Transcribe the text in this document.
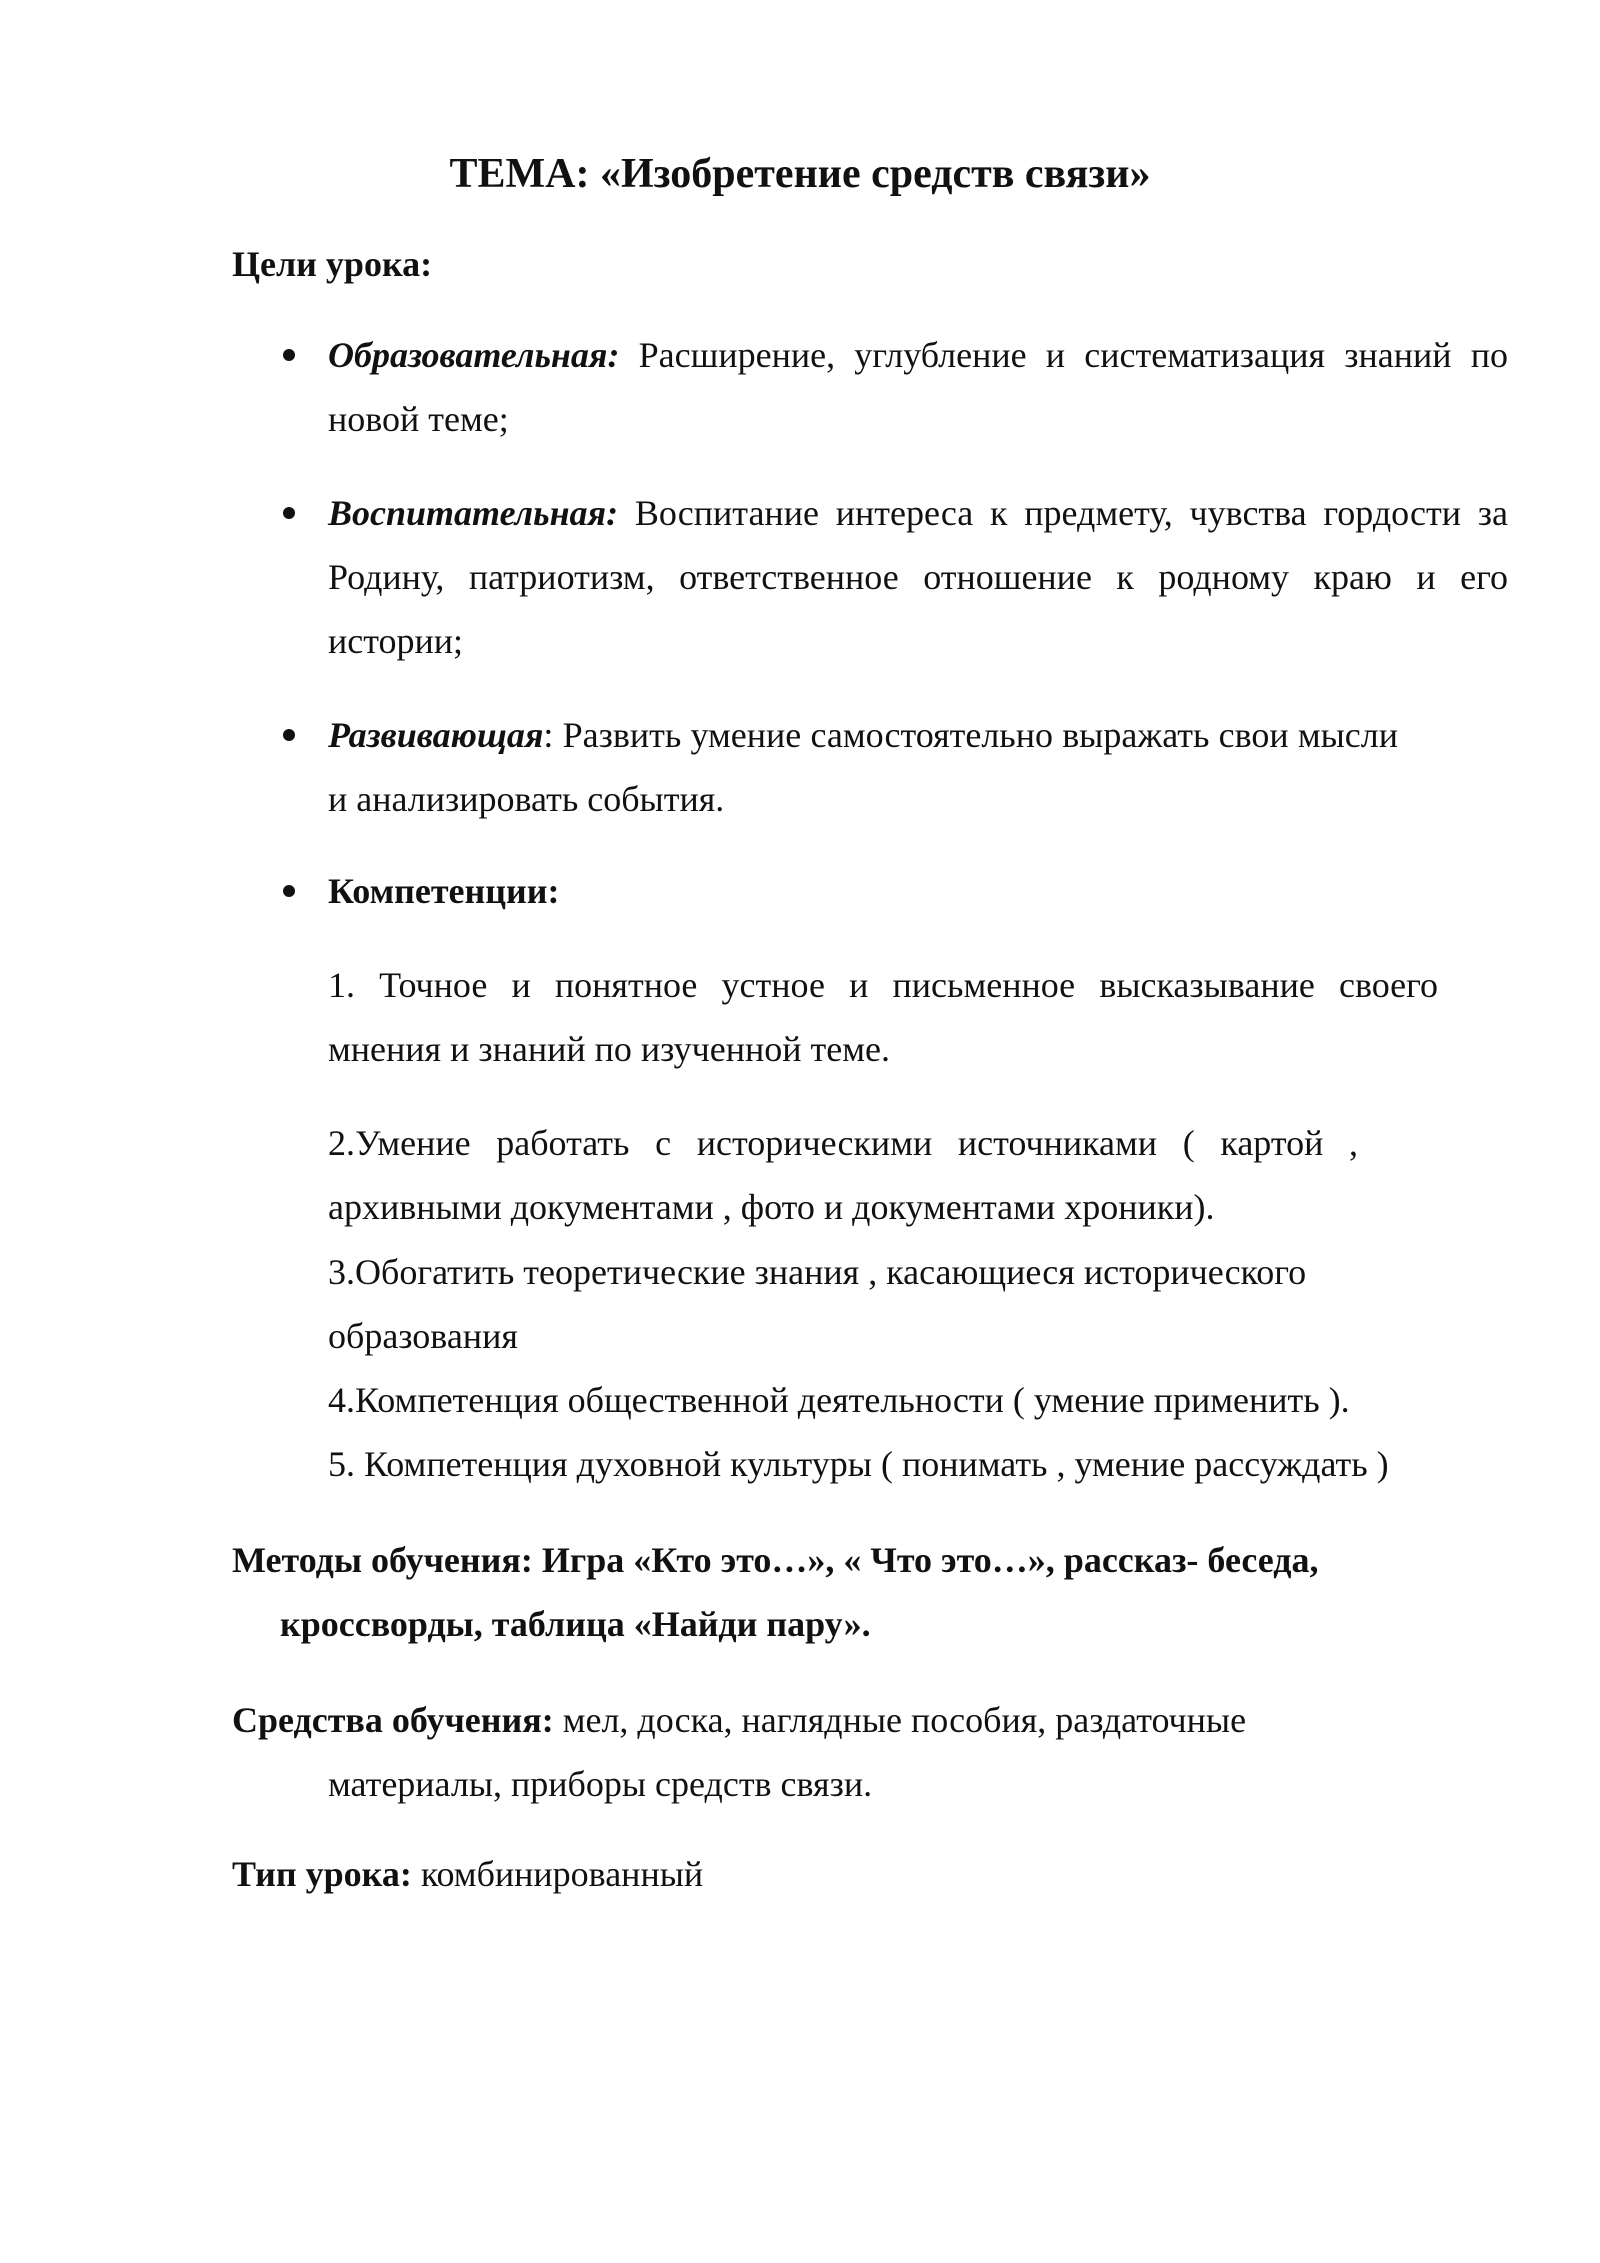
ТЕМА: «Изобретение средств связи»
Цели урока:
Образовательная: Расширение, углубление и систематизация знаний по новой теме;
Воспитательная: Воспитание интереса к предмету, чувства гордости за Родину, патриотизм, ответственное отношение к родному краю и его истории;
Развивающая: Развить умение самостоятельно выражать свои мысли и анализировать события.
Компетенции:
1. Точное и понятное устное и письменное высказывание своего мнения и знаний по изученной теме.
2.Умение работать с историческими источниками ( картой , архивными документами , фото и документами хроники).
3.Обогатить теоретические знания , касающиеся исторического образования
4.Компетенция общественной деятельности ( умение применить ).
5. Компетенция духовной культуры ( понимать , умение рассуждать )
Методы обучения: Игра «Кто это…», « Что это…», рассказ- беседа,
кроссворды, таблица «Найди пару».
Средства обучения: мел, доска, наглядные пособия, раздаточные
материалы, приборы средств связи.
Тип урока: комбинированный
